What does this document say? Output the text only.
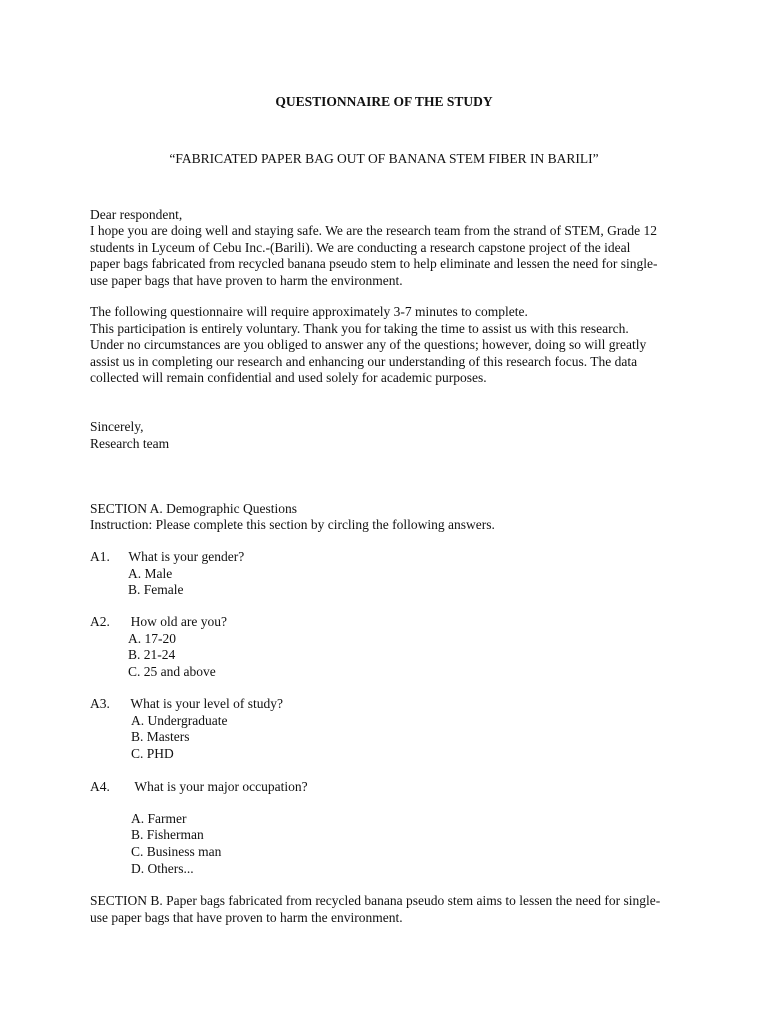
QUESTIONNAIRE OF THE STUDY
“FABRICATED PAPER BAG OUT OF BANANA STEM FIBER IN BARILI”
Dear respondent,

I hope you are doing well and staying safe. We are the research team from the strand of STEM, Grade 12

students in Lyceum of Cebu Inc.-(Barili). We are conducting a research capstone project of the ideal

paper bags fabricated from recycled banana pseudo stem to help eliminate and lessen the need for single-

use paper bags that have proven to harm the environment.

The following questionnaire will require approximately 3-7 minutes to complete.

This participation is entirely voluntary. Thank you for taking the time to assist us with this research.

Under no circumstances are you obliged to answer any of the questions; however, doing so will greatly

assist us in completing our research and enhancing our understanding of this research focus. The data

collected will remain confidential and used solely for academic purposes.

Sincerely,
Research team
SECTION A. Demographic Questions
Instruction: Please complete this section by circling the following answers.
A1. What is your gender?
A. Male
B. Female
A2. How old are you?
A. 17-20
B. 21-24
C. 25 and above
A3. What is your level of study?
A. Undergraduate
B. Masters
C. PHD
A4. What is your major occupation?
A. Farmer
B. Fisherman
C. Business man
D. Others...

SECTION B. Paper bags fabricated from recycled banana pseudo stem aims to lessen the need for single-

use paper bags that have proven to harm the environment.
